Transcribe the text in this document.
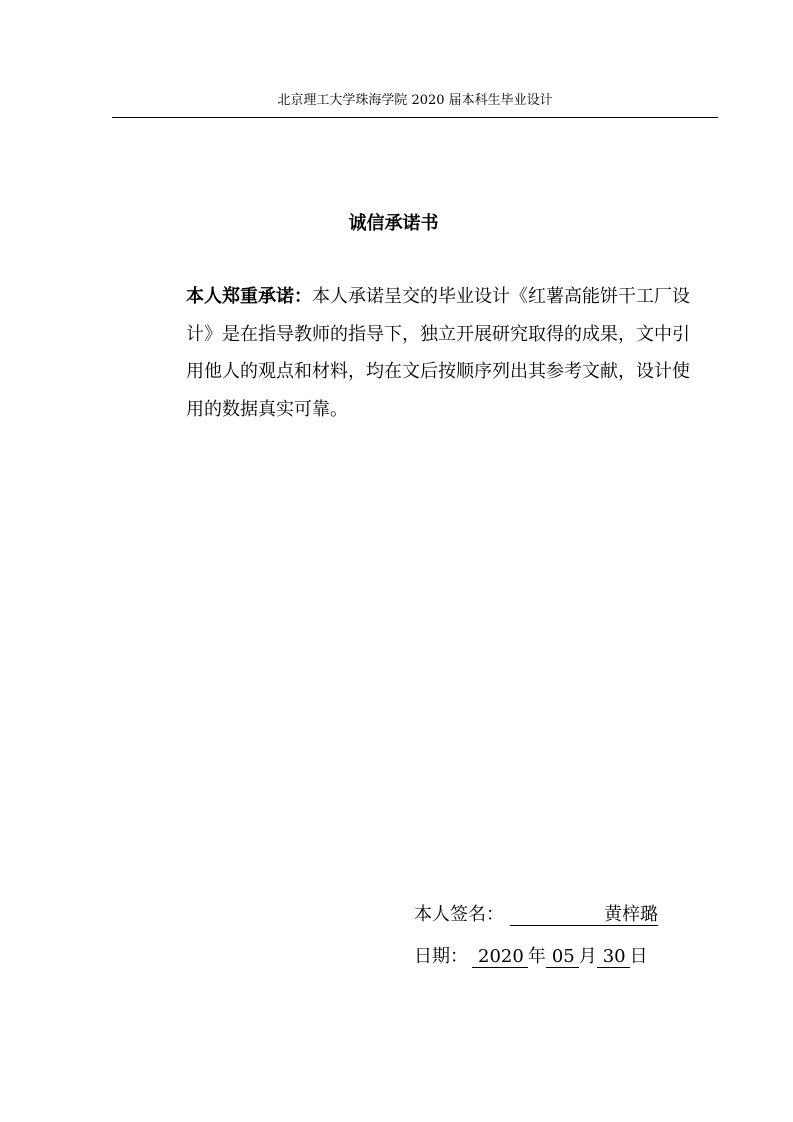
北京理工大学珠海学院 2020 届本科生毕业设计
诚信承诺书
本人郑重承诺：本人承诺呈交的毕业设计《红薯高能饼干工厂设计》是在指导教师的指导下，独立开展研究取得的成果，文中引用他人的观点和材料，均在文后按顺序列出其参考文献，设计使用的数据真实可靠。
本人签名：	黄梓璐
日期： 2020 年 05 月 30 日
